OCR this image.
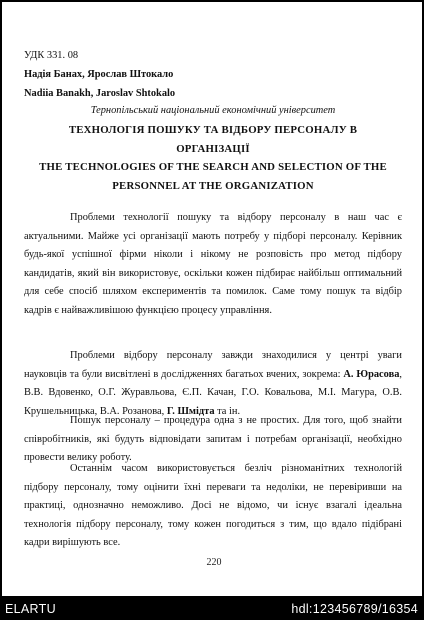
УДК 331. 08
Надія Банах, Ярослав Штокало
Nadiia Banakh, Jaroslav Shtokalo
Тернопільський національний економічний університет
ТЕХНОЛОГІЯ ПОШУКУ ТА ВІДБОРУ ПЕРСОНАЛУ В
ОРГАНІЗАЦІЇ
THE TECHNOLOGIES OF THE SEARCH AND SELECTION OF THE
PERSONNEL AT THE ORGANIZATION
Проблеми технології пошуку та відбору персоналу в наш час є актуальними. Майже усі організації мають потребу у підборі персоналу. Керівник будь-якої успішної фірми ніколи і нікому не розповість про метод підбору кандидатів, який він використовує, оскільки кожен підбирає найбільш оптимальний для себе спосіб шляхом експериментів та помилок. Саме тому пошук та відбір кадрів є найважливішою функцією процесу управління.
Проблеми відбору персоналу завжди знаходилися у центрі уваги науковців та були висвітлені в дослідженнях багатьох вчених, зокрема: А. Юрасова, В.В. Вдовенко, О.Г. Журавльова, Є.П. Качан, Г.О. Ковальова, М.І. Магура, О.В. Крушельницька, В.А. Розанова, Г. Шмідта та ін.
Пошук персоналу – процедура одна з не простих. Для того, щоб знайти співробітників, які будуть відповідати запитам і потребам організації, необхідно провести велику роботу.
Останнім часом використовується безліч різноманітних технологій підбору персоналу, тому оцінити їхні переваги та недоліки, не перевіривши на практиці, однозначно неможливо. Досі не відомо, чи існує взагалі ідеальна технологія підбору персоналу, тому кожен погодиться з тим, що вдало підібрані кадри вирішують все.
220
ELARTU	hdl:123456789/16354
